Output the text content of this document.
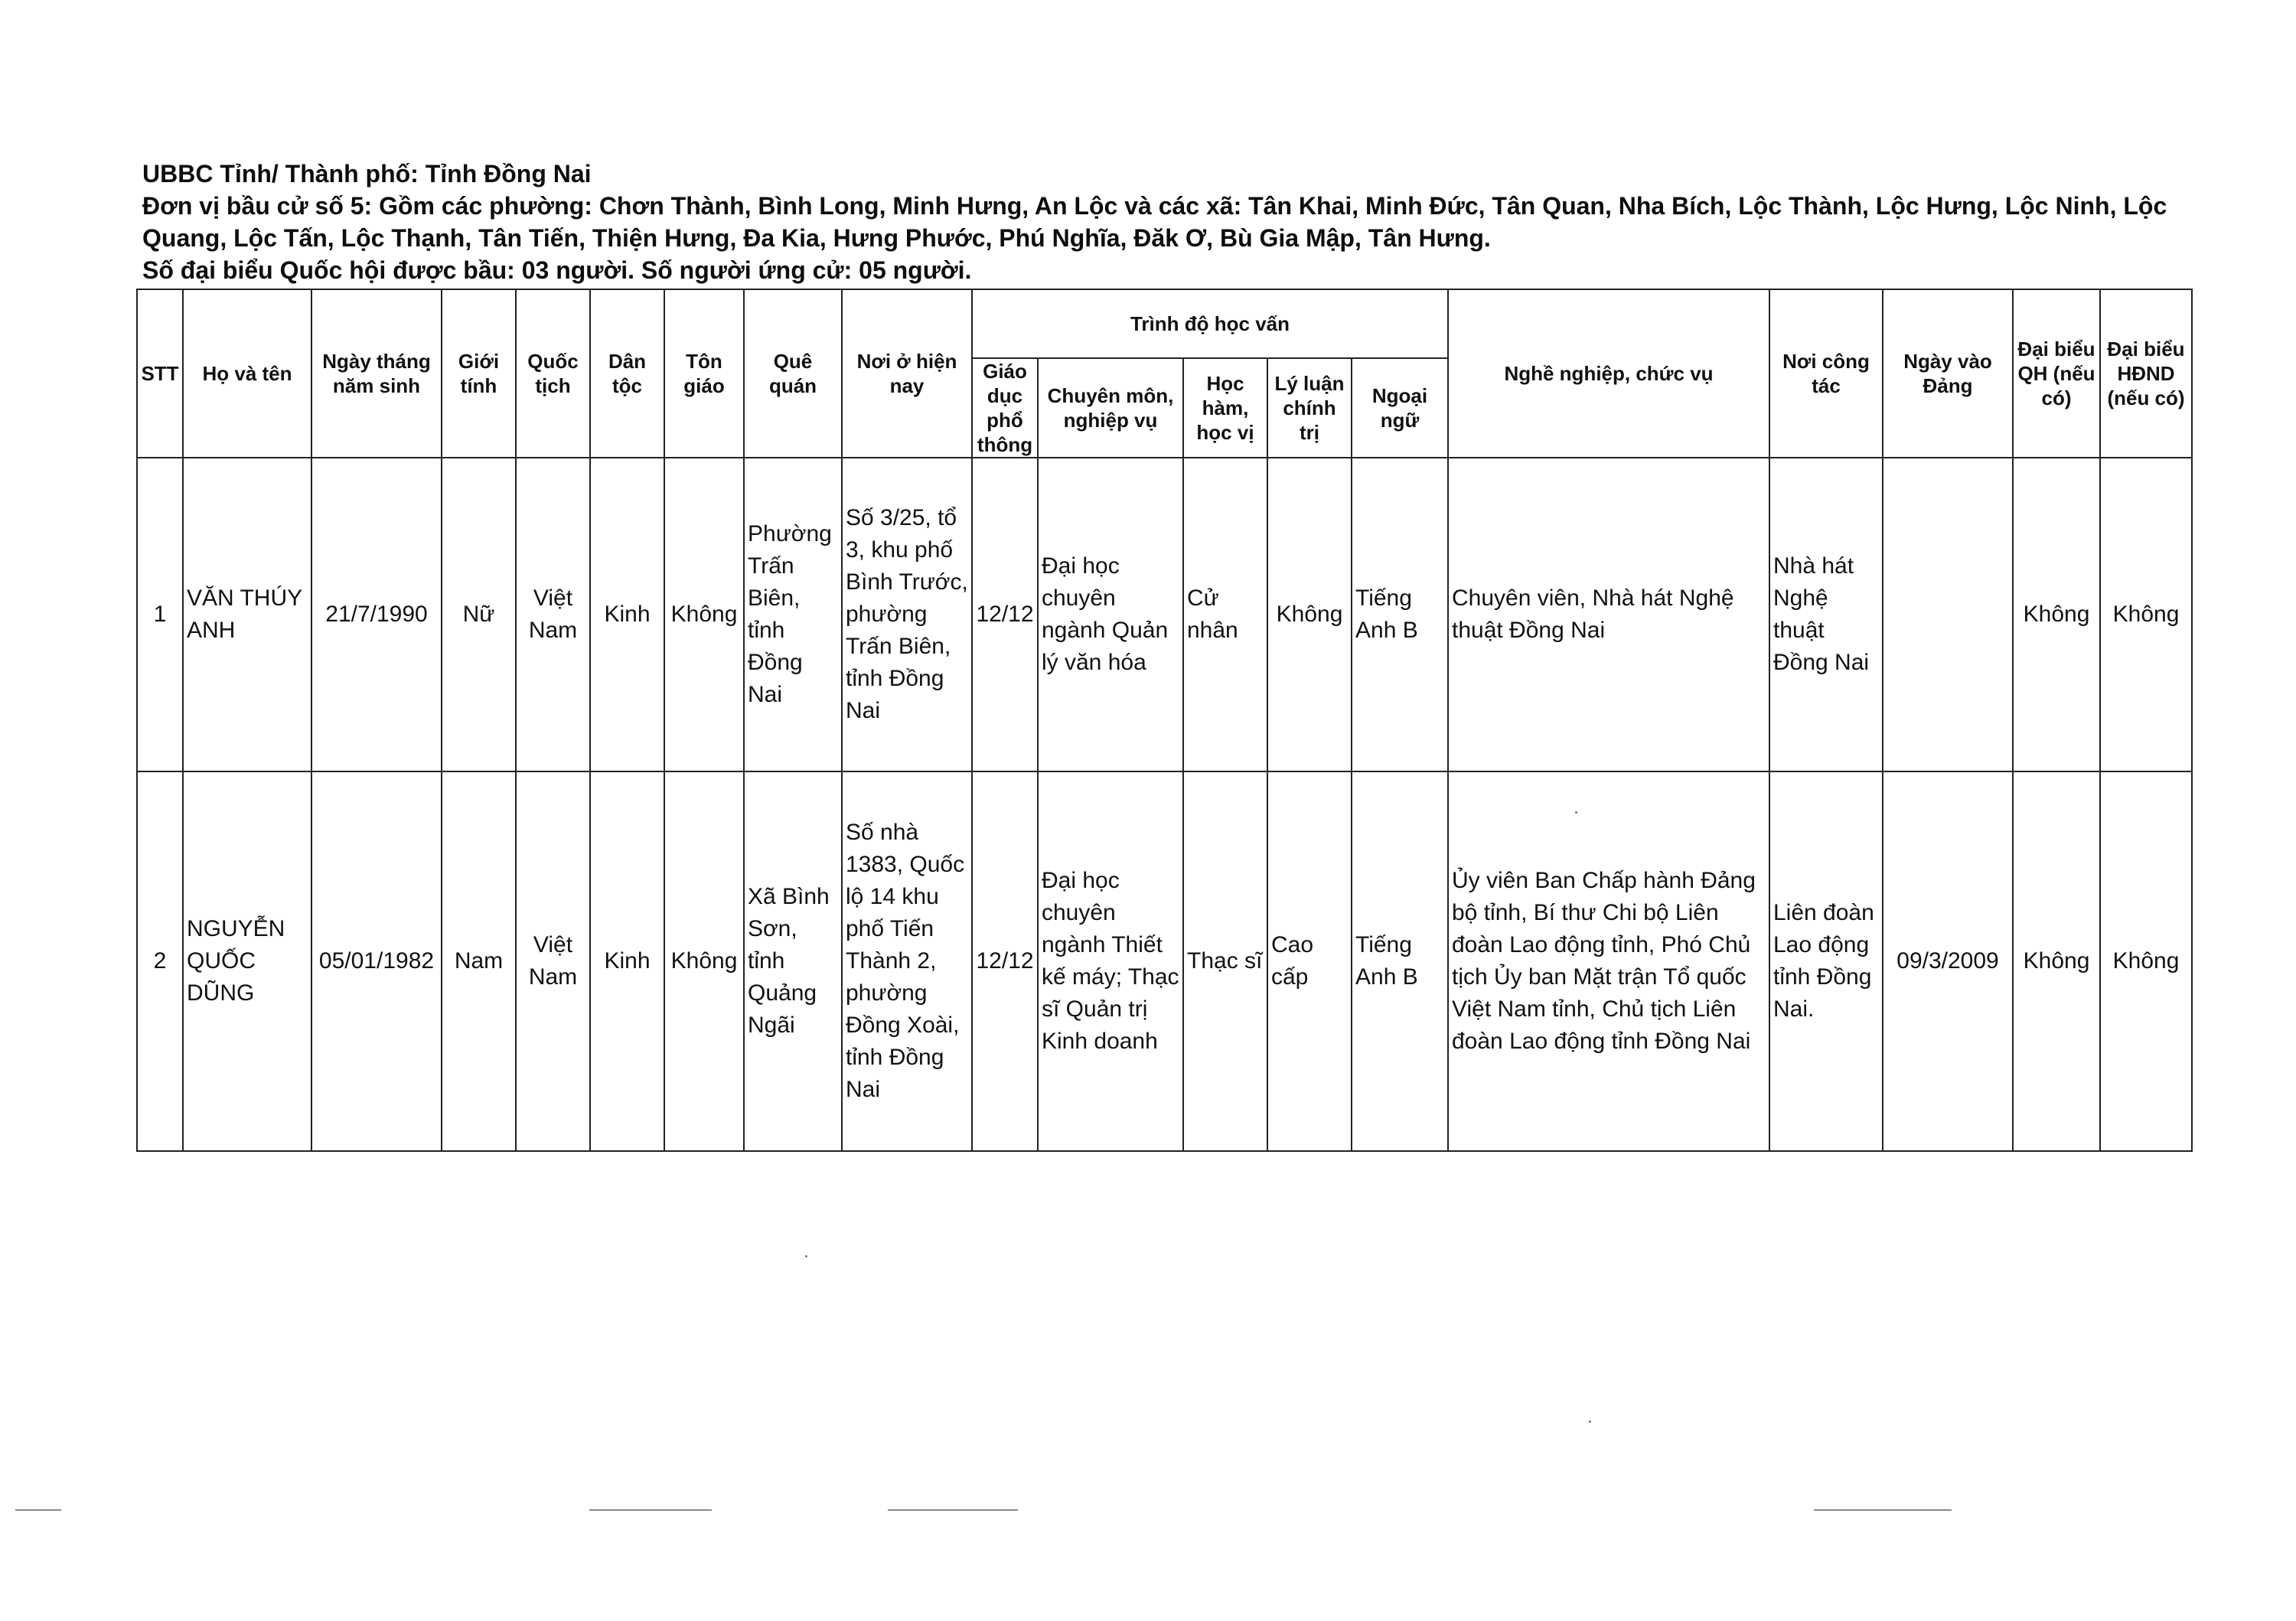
UBBC Tỉnh/ Thành phố: Tỉnh Đồng Nai
Đơn vị bầu cử số 5: Gồm các phường: Chơn Thành, Bình Long, Minh Hưng, An Lộc và các xã: Tân Khai, Minh Đức, Tân Quan, Nha Bích, Lộc Thành, Lộc Hưng, Lộc Ninh, Lộc Quang, Lộc Tấn, Lộc Thạnh, Tân Tiến, Thiện Hưng, Đa Kia, Hưng Phước, Phú Nghĩa, Đăk Ơ, Bù Gia Mập, Tân Hưng.
Số đại biểu Quốc hội được bầu: 03 người. Số người ứng cử: 05 người.
STT	Họ và tên	Ngày tháng năm sinh	Giới tính	Quốc tịch	Dân tộc	Tôn giáo	Quê quán	Nơi ở hiện nay	Trình độ học vấn					Nghề nghiệp, chức vụ	Nơi công tác	Ngày vào Đảng	Đại biểu QH (nếu có)	Đại biểu HĐND (nếu có)
									Giáo dục phổ thông	Chuyên môn, nghiệp vụ	Học hàm, học vị	Lý luận chính trị	Ngoại ngữ					
1	VĂN THÚY ANH	21/7/1990	Nữ	Việt Nam	Kinh	Không	Phường Trấn Biên, tỉnh Đồng Nai	Số 3/25, tổ 3, khu phố Bình Trước, phường Trấn Biên, tỉnh Đồng Nai	12/12	Đại học chuyên ngành Quản lý văn hóa	Cử nhân	Không	Tiếng Anh B	Chuyên viên, Nhà hát Nghệ thuật Đồng Nai	Nhà hát Nghệ thuật Đồng Nai		Không	Không
2	NGUYỄN QUỐC DŨNG	05/01/1982	Nam	Việt Nam	Kinh	Không	Xã Bình Sơn, tỉnh Quảng Ngãi	Số nhà 1383, Quốc lộ 14 khu phố Tiến Thành 2, phường Đồng Xoài, tỉnh Đồng Nai	12/12	Đại học chuyên ngành Thiết kế máy; Thạc sĩ Quản trị Kinh doanh	Thạc sĩ	Cao cấp	Tiếng Anh B	Ủy viên Ban Chấp hành Đảng bộ tỉnh, Bí thư Chi bộ Liên đoàn Lao động tỉnh, Phó Chủ tịch Ủy ban Mặt trận Tổ quốc Việt Nam tỉnh, Chủ tịch Liên đoàn Lao động tỉnh Đồng Nai	Liên đoàn Lao động tỉnh Đồng Nai.	09/3/2009	Không	Không
